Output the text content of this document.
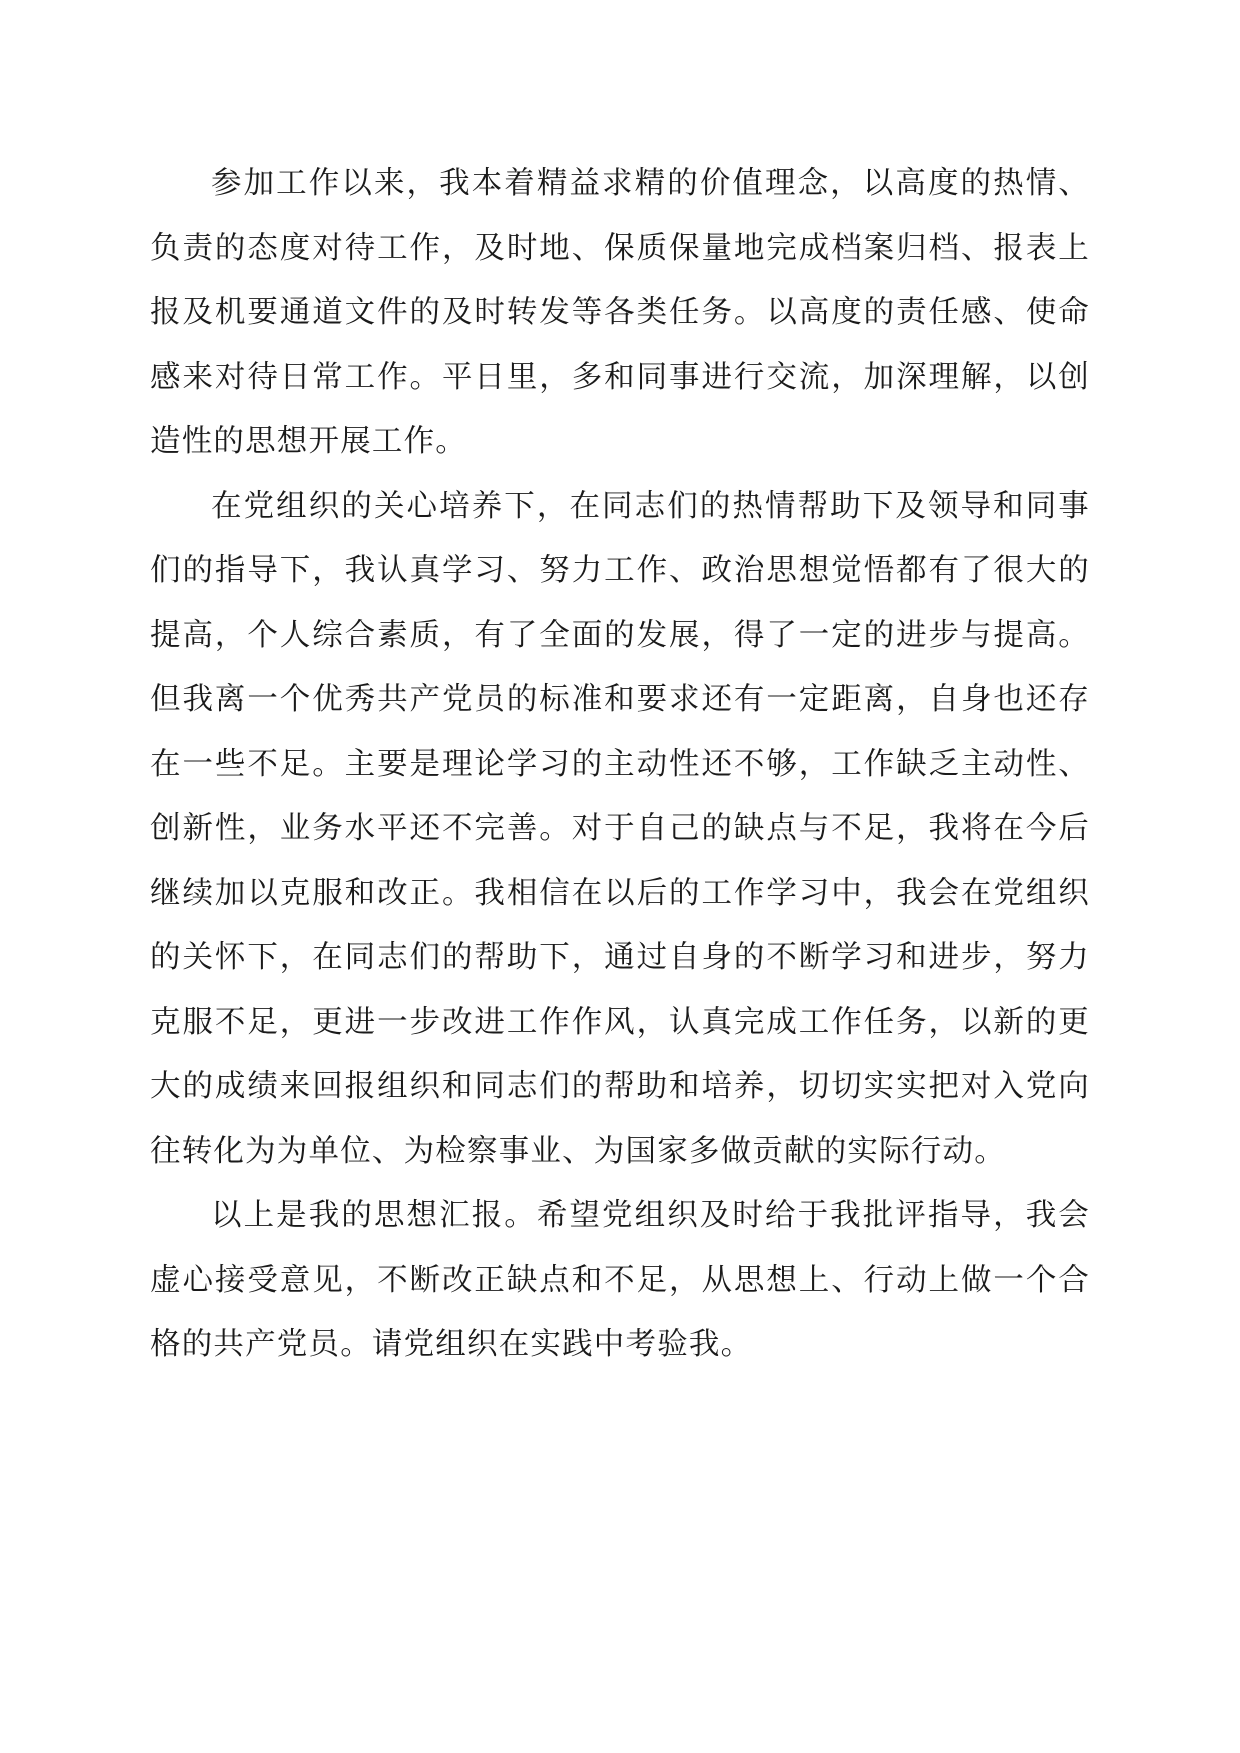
参加工作以来，我本着精益求精的价值理念，以高度的热情、负责的态度对待工作，及时地、保质保量地完成档案归档、报表上报及机要通道文件的及时转发等各类任务。以高度的责任感、使命感来对待日常工作。平日里，多和同事进行交流，加深理解，以创造性的思想开展工作。

在党组织的关心培养下，在同志们的热情帮助下及领导和同事们的指导下，我认真学习、努力工作、政治思想觉悟都有了很大的提高，个人综合素质，有了全面的发展，得了一定的进步与提高。但我离一个优秀共产党员的标准和要求还有一定距离，自身也还存在一些不足。主要是理论学习的主动性还不够，工作缺乏主动性、创新性，业务水平还不完善。对于自己的缺点与不足，我将在今后继续加以克服和改正。我相信在以后的工作学习中，我会在党组织的关怀下，在同志们的帮助下，通过自身的不断学习和进步，努力克服不足，更进一步改进工作作风，认真完成工作任务，以新的更大的成绩来回报组织和同志们的帮助和培养，切切实实把对入党向往转化为为单位、为检察事业、为国家多做贡献的实际行动。

以上是我的思想汇报。希望党组织及时给于我批评指导，我会虚心接受意见，不断改正缺点和不足，从思想上、行动上做一个合格的共产党员。请党组织在实践中考验我。
